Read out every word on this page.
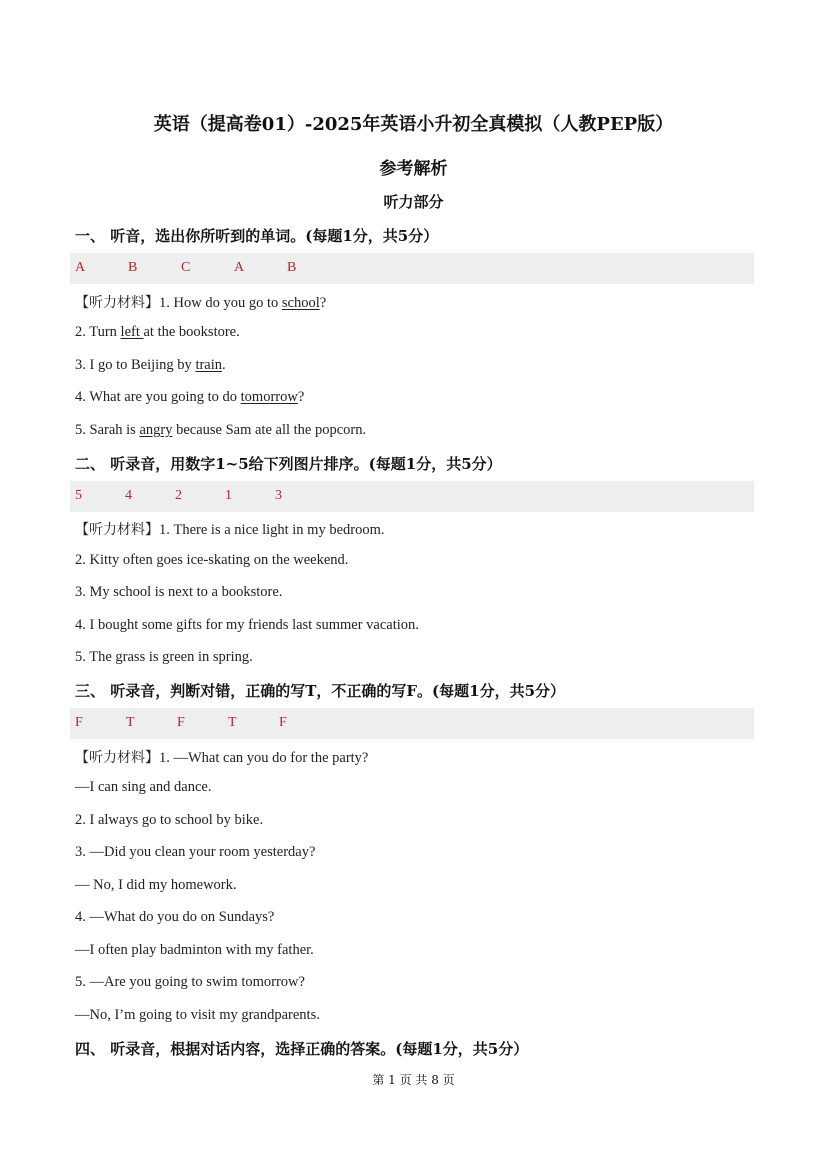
英语（提高卷01）-2025年英语小升初全真模拟（人教PEP版）
参考解析
听力部分
一、 听音，选出你所听到的单词。(每题1分，共5分）
A	B	C	A	B
【听力材料】1. How do you go to school?
2. Turn left at the bookstore.
3. I go to Beijing by train.
4. What are you going to do tomorrow?
5. Sarah is angry because Sam ate all the popcorn.
二、 听录音，用数字1~5给下列图片排序。(每题1分，共5分）
5	4	2	1	3
【听力材料】1. There is a nice light in my bedroom.
2. Kitty often goes ice-skating on the weekend.
3. My school is next to a bookstore.
4. I bought some gifts for my friends last summer vacation.
5. The grass is green in spring.
三、 听录音，判断对错，正确的写T，不正确的写F。(每题1分，共5分）
F	T	F	T	F
【听力材料】1. —What can you do for the party?
—I can sing and dance.
2. I always go to school by bike.
3. —Did you clean your room yesterday?
— No, I did my homework.
4. —What do you do on Sundays?
—I often play badminton with my father.
5. —Are you going to swim tomorrow?
—No, I’m going to visit my grandparents.
四、 听录音，根据对话内容，选择正确的答案。(每题1分，共5分）
第 1 页 共 8 页
